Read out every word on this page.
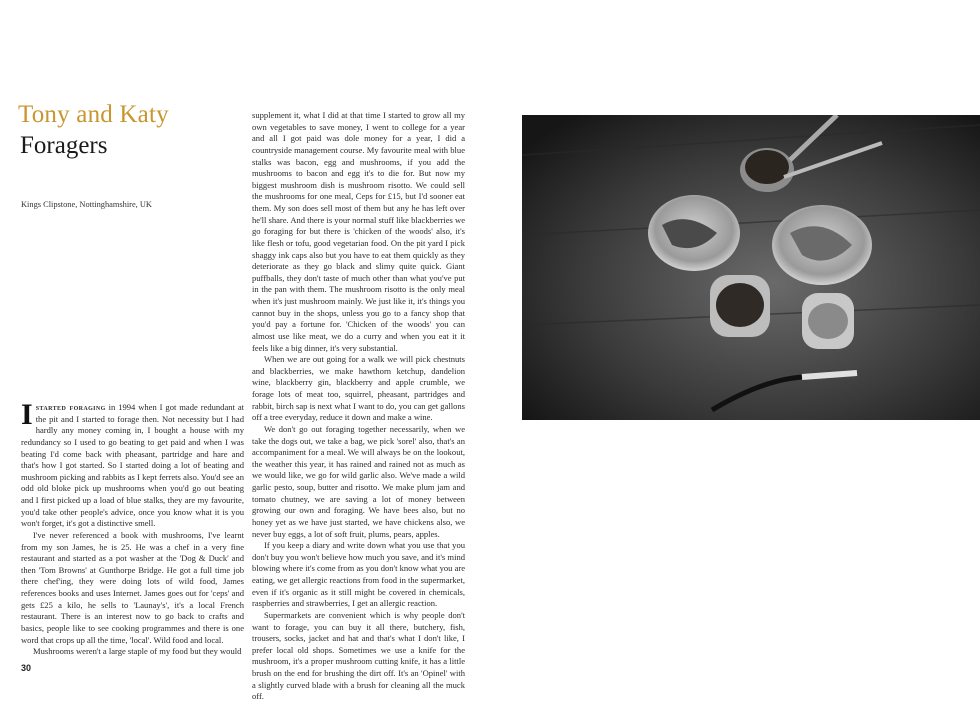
Tony and Katy
Foragers
Kings Clipstone, Nottinghamshire, UK

Istarted foraging in 1994 when I got made redundant at the pit and I started to forage then. Not necessity but I had hardly any money coming in, I bought a house with my redundancy so I used to go beating to get paid and when I was beating I'd come back with pheasant, partridge and hare and that's how I got started. So I started doing a lot of beating and mushroom picking and rabbits as I kept ferrets also. You'd see an odd old bloke pick up mushrooms when you'd go out beating and I first picked up a load of blue stalks, they are my favourite, you'd take other people's advice, once you know what it is you won't forget, it's got a distinctive smell.

I've never referenced a book with mushrooms, I've learnt from my son James, he is 25. He was a chef in a very fine restaurant and started as a pot washer at the 'Dog & Duck' and then 'Tom Browns' at Gunthorpe Bridge. He got a full time job there chef'ing, they were doing lots of wild food, James references books and uses Internet. James goes out for 'ceps' and gets £25 a kilo, he sells to 'Launay's', it's a local French restaurant. There is an interest now to go back to crafts and basics, people like to see cooking programmes and there is one word that crops up all the time, 'local'. Wild food and local.

Mushrooms weren't a large staple of my food but they would

supplement it, what I did at that time I started to grow all my own vegetables to save money, I went to college for a year and all I got paid was dole money for a year, I did a countryside management course. My favourite meal with blue stalks was bacon, egg and mushrooms, if you add the mushrooms to bacon and egg it's to die for. But now my biggest mushroom dish is mushroom risotto. We could sell the mushrooms for one meal, Ceps for £15, but I'd sooner eat them. My son does sell most of them but any he has left over he'll share. And there is your normal stuff like blackberries we go foraging for but there is 'chicken of the woods' also, it's like flesh or tofu, good vegetarian food. On the pit yard I pick shaggy ink caps also but you have to eat them quickly as they deteriorate as they go black and slimy quite quick. Giant puffballs, they don't taste of much other than what you've put in the pan with them. The mushroom risotto is the only meal when it's just mushroom mainly. We just like it, it's things you cannot buy in the shops, unless you go to a fancy shop that you'd pay a fortune for. 'Chicken of the woods' you can almost use like meat, we do a curry and when you eat it it feels like a big dinner, it's very substantial.

When we are out going for a walk we will pick chestnuts and blackberries, we make hawthorn ketchup, dandelion wine, blackberry gin, blackberry and apple crumble, we forage lots of meat too, squirrel, pheasant, partridges and rabbit, birch sap is next what I want to do, you can get gallons off a tree everyday, reduce it down and make a wine.

We don't go out foraging together necessarily, when we take the dogs out, we take a bag, we pick 'sorel' also, that's an accompaniment for a meal. We will always be on the lookout, the weather this year, it has rained and rained not as much as we would like, we go for wild garlic also. We've made a wild garlic pesto, soup, butter and risotto. We make plum jam and tomato chutney, we are saving a lot of money between growing our own and foraging. We have bees also, but no honey yet as we have just started, we have chickens also, we never buy eggs, a lot of soft fruit, plums, pears, apples.

If you keep a diary and write down what you use that you don't buy you won't believe how much you save, and it's mind blowing where it's come from as you don't know what you are eating, we get allergic reactions from food in the supermarket, even if it's organic as it still might be covered in chemicals, raspberries and strawberries, I get an allergic reaction.

Supermarkets are convenient which is why people don't want to forage, you can buy it all there, butchery, fish, trousers, socks, jacket and hat and that's what I don't like, I prefer local old shops. Sometimes we use a knife for the mushroom, it's a proper mushroom cutting knife, it has a little brush on the end for brushing the dirt off. It's an 'Opinel' with a slightly curved blade with a brush for cleaning all the muck off.

30
